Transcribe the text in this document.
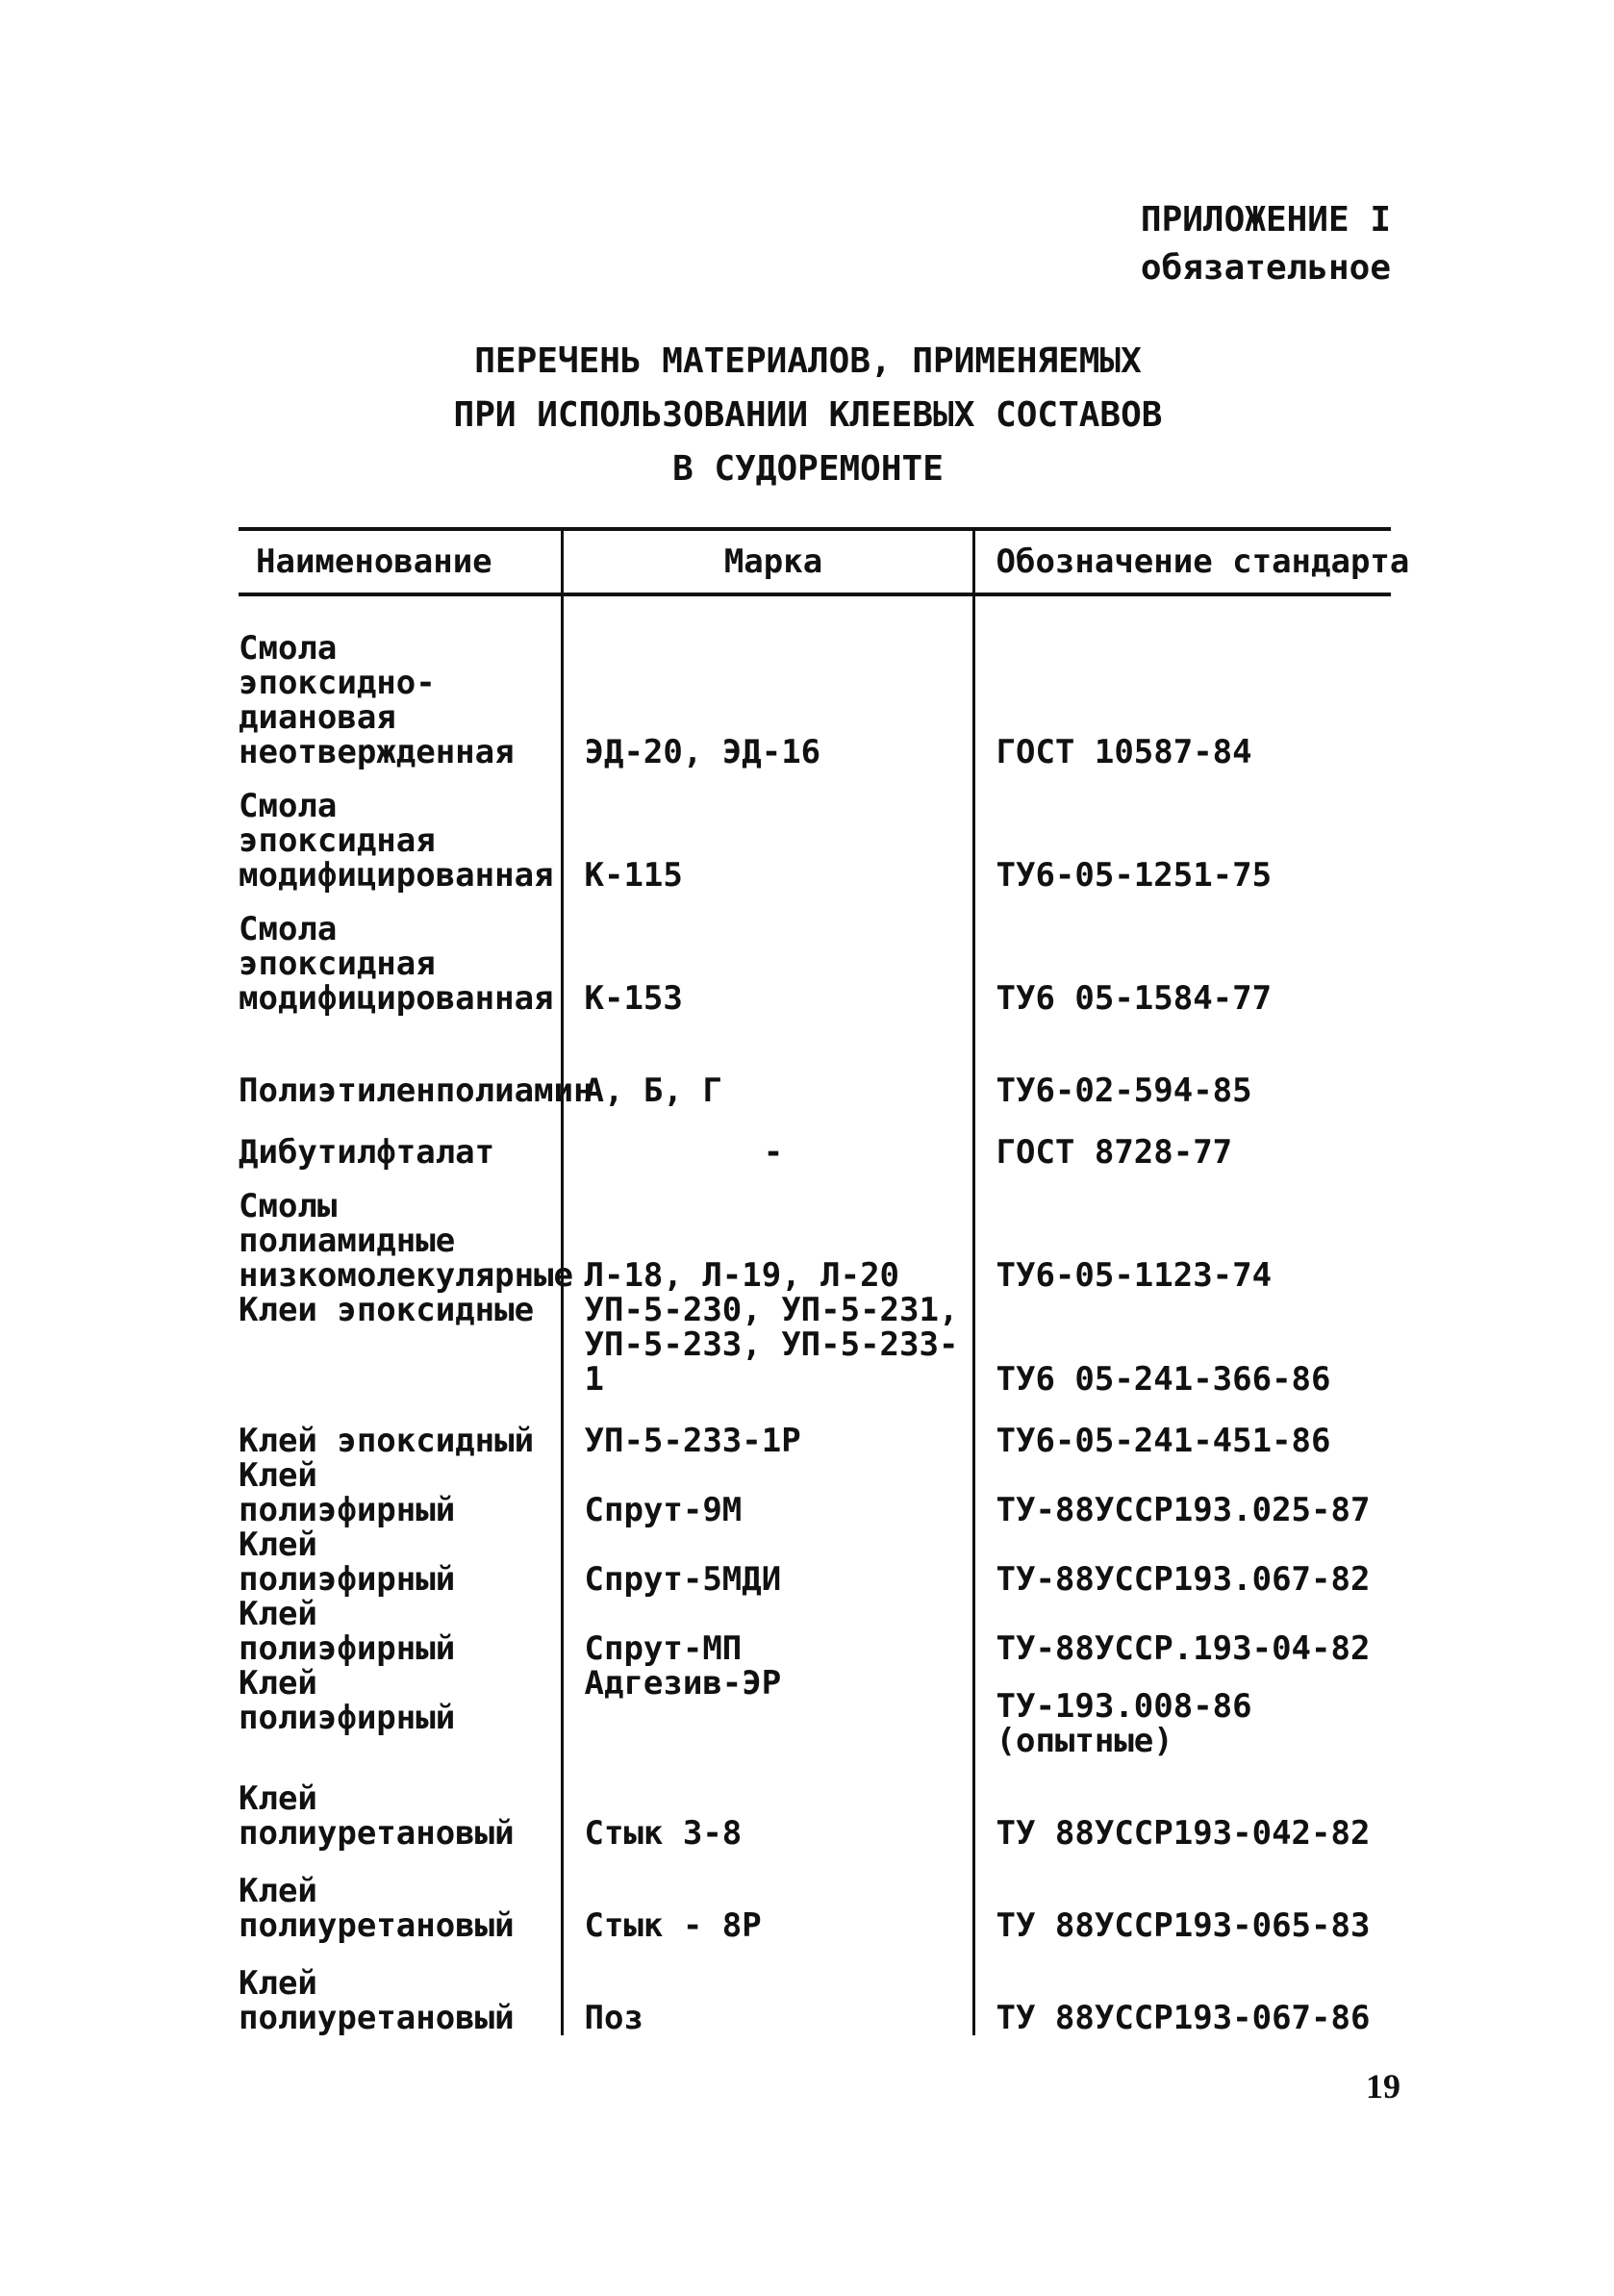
ПРИЛОЖЕНИЕ I
обязательное
ПЕРЕЧЕНЬ МАТЕРИАЛОВ, ПРИМЕНЯЕМЫХ
ПРИ ИСПОЛЬЗОВАНИИ КЛЕЕВЫХ СОСТАВОВ
В СУДОРЕМОНТЕ
Наименование	Марка	Обозначение стандарта
Смола эпоксидно-диановая неотвержденная	ЭД-20, ЭД-16	ГОСТ 10587-84
Смола эпоксидная модифицированная	К-115	ТУ6-05-1251-75
Смола эпоксидная модифицированная	К-153	ТУ6 05-1584-77
Полиэтиленполиамин	А, Б, Г	ТУ6-02-594-85
Дибутилфталат	-	ГОСТ 8728-77
Смолы полиамидные низкомолекулярные	Л-18, Л-19, Л-20	ТУ6-05-1123-74
Клеи эпоксидные	УП-5-230, УП-5-231, УП-5-233, УП-5-233-1	ТУ6 05-241-366-86
Клей эпоксидный	УП-5-233-1Р	ТУ6-05-241-451-86
Клей полиэфирный	Спрут-9М	ТУ-88УССР193.025-87
Клей полиэфирный	Спрут-5МДИ	ТУ-88УССР193.067-82
Клей полиэфирный	Спрут-МП	ТУ-88УССР.193-04-82
Клей полиэфирный	Адгезив-ЭР	ТУ-193.008-86 (опытные)
Клей полиуретановый	Стык 3-8	ТУ 88УССР193-042-82
Клей полиуретановый	Стык - 8Р	ТУ 88УССР193-065-83
Клей полиуретановый	Поз	ТУ 88УССР193-067-86
19
